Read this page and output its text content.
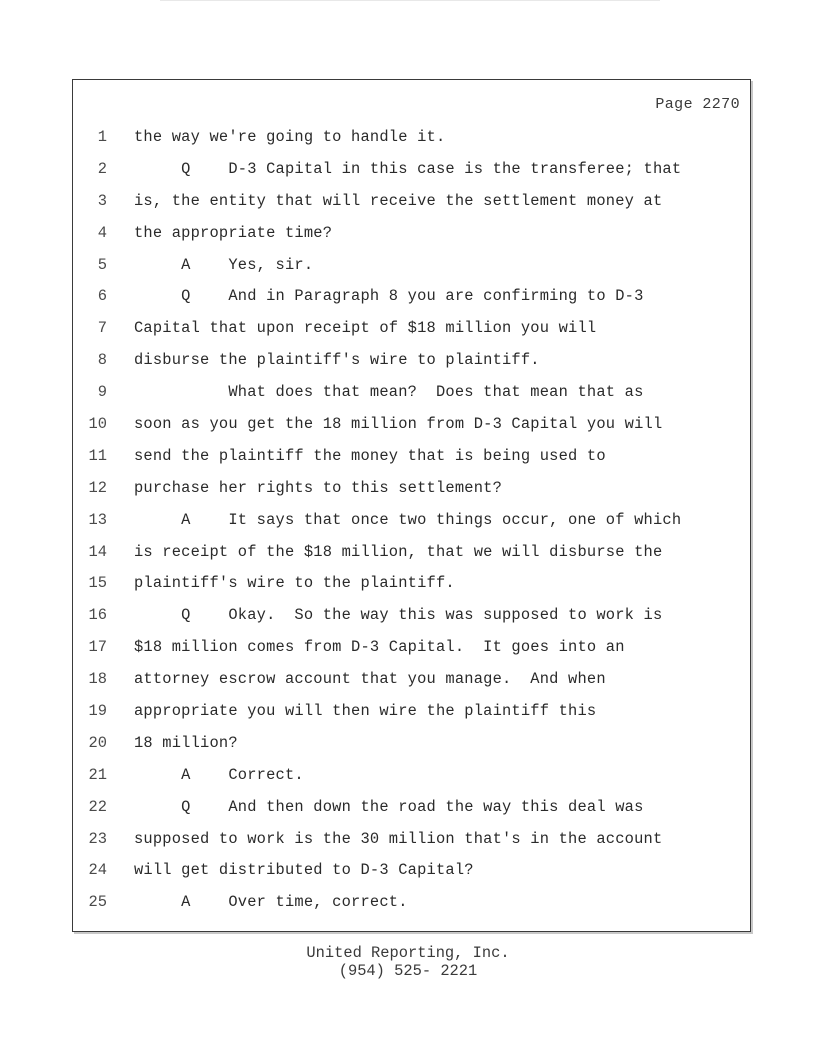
Page 2270
1 the way we're going to handle it.
2 Q    D-3 Capital in this case is the transferee; that
3 is, the entity that will receive the settlement money at
4 the appropriate time?
5 A    Yes, sir.
6 Q    And in Paragraph 8 you are confirming to D-3
7 Capital that upon receipt of $18 million you will
8 disburse the plaintiff's wire to plaintiff.
9 What does that mean?  Does that mean that as
10 soon as you get the 18 million from D-3 Capital you will
11 send the plaintiff the money that is being used to
12 purchase her rights to this settlement?
13 A    It says that once two things occur, one of which
14 is receipt of the $18 million, that we will disburse the
15 plaintiff's wire to the plaintiff.
16 Q    Okay.  So the way this was supposed to work is
17 $18 million comes from D-3 Capital.  It goes into an
18 attorney escrow account that you manage.  And when
19 appropriate you will then wire the plaintiff this
20 18 million?
21 A    Correct.
22 Q    And then down the road the way this deal was
23 supposed to work is the 30 million that's in the account
24 will get distributed to D-3 Capital?
25 A    Over time, correct.
United Reporting, Inc.
(954) 525- 2221
